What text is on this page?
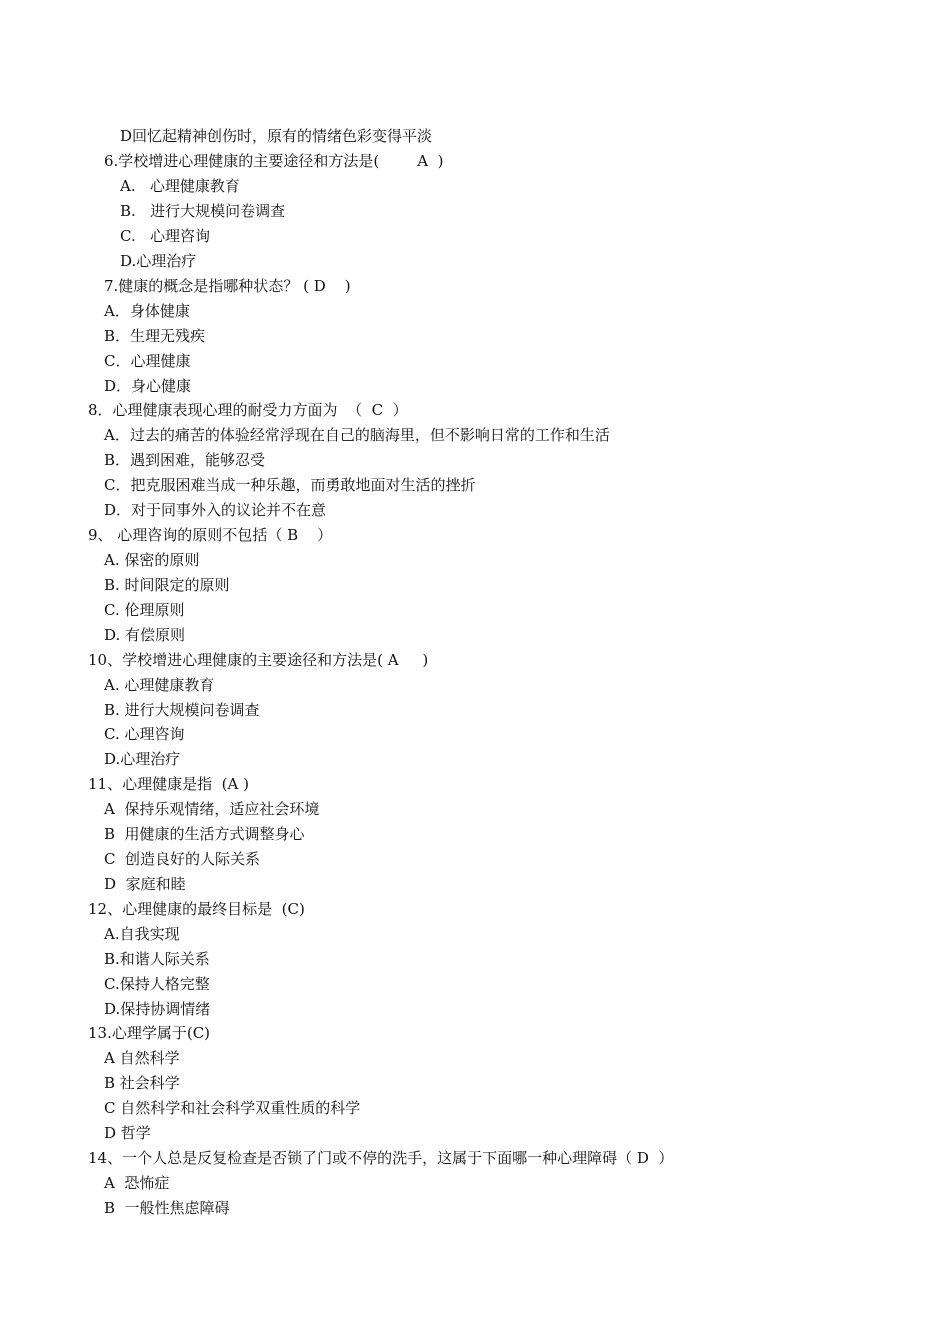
D回忆起精神创伤时，原有的情绪色彩变得平淡
6.学校增进心理健康的主要途径和方法是(        A  )
A.   心理健康教育
B.   进行大规模问卷调查
C.   心理咨询
D.心理治疗
7.健康的概念是指哪种状态？ ( D    )
A．身体健康
B．生理无残疾
C．心理健康
D．身心健康
8．心理健康表现心理的耐受力方面为  （  C  ）
A．过去的痛苦的体验经常浮现在自己的脑海里，但不影响日常的工作和生活
B．遇到困难，能够忍受
C．把克服困难当成一种乐趣，而勇敢地面对生活的挫折
D．对于同事外入的议论并不在意
9、 心理咨询的原则不包括（ B    ）
A. 保密的原则
B. 时间限定的原则
C. 伦理原则
D. 有偿原则
10、学校增进心理健康的主要途径和方法是( A     )
A. 心理健康教育
B. 进行大规模问卷调查
C. 心理咨询
D.心理治疗
11、心理健康是指  (A )
A  保持乐观情绪，适应社会环境
B  用健康的生活方式调整身心
C  创造良好的人际关系
D  家庭和睦
12、心理健康的最终目标是  (C)
A.自我实现
B.和谐人际关系
C.保持人格完整
D.保持协调情绪
13.心理学属于(C)
A 自然科学
B 社会科学
C 自然科学和社会科学双重性质的科学
D 哲学
14、一个人总是反复检查是否锁了门或不停的洗手，这属于下面哪一种心理障碍（ D  ）
A  恐怖症
B  一般性焦虑障碍
